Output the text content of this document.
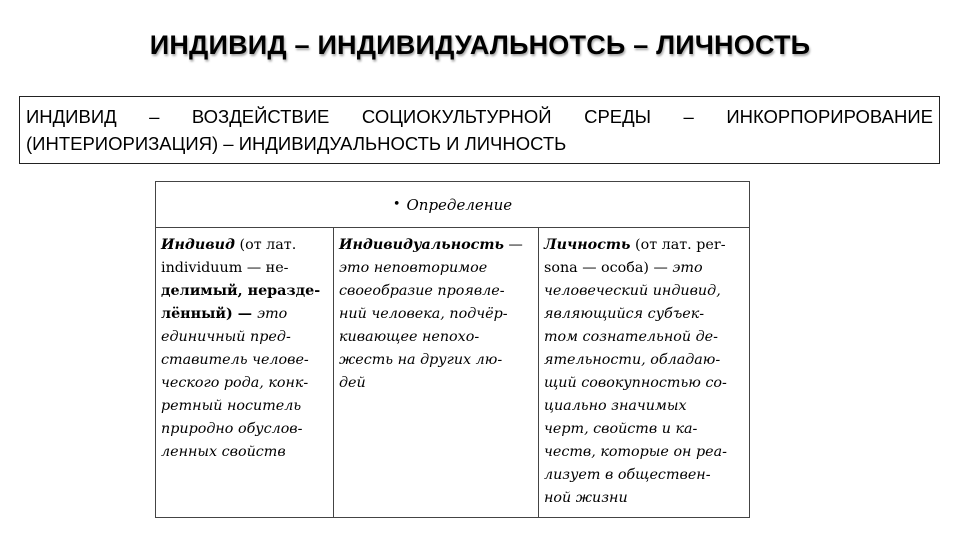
ИНДИВИД – ИНДИВИДУАЛЬНОТСЬ – ЛИЧНОСТЬ
ИНДИВИД – ВОЗДЕЙСТВИЕ СОЦИОКУЛЬТУРНОЙ СРЕДЫ – ИНКОРПОРИРОВАНИЕ
(ИНТЕРИОРИЗАЦИЯ) – ИНДИВИДУАЛЬНОСТЬ И ЛИЧНОСТЬ
• Определение
Индивид (от лат.
individuum — не-
делимый, неразде-
лённый) — это
единичный пред-
ставитель челове-
ческого рода, конк-
ретный носитель
природно обуслов-
ленных свойств
Индивидуальность —
это неповторимое
своеобразие проявле-
ний человека, подчёр-
кивающее непохо-
жесть на других лю-
дей
Личность (от лат. per-
sona — особа) — это
человеческий индивид,
являющийся субъек-
том сознательной де-
ятельности, обладаю-
щий совокупностью со-
циально значимых
черт, свойств и ка-
честв, которые он реа-
лизует в обществен-
ной жизни
